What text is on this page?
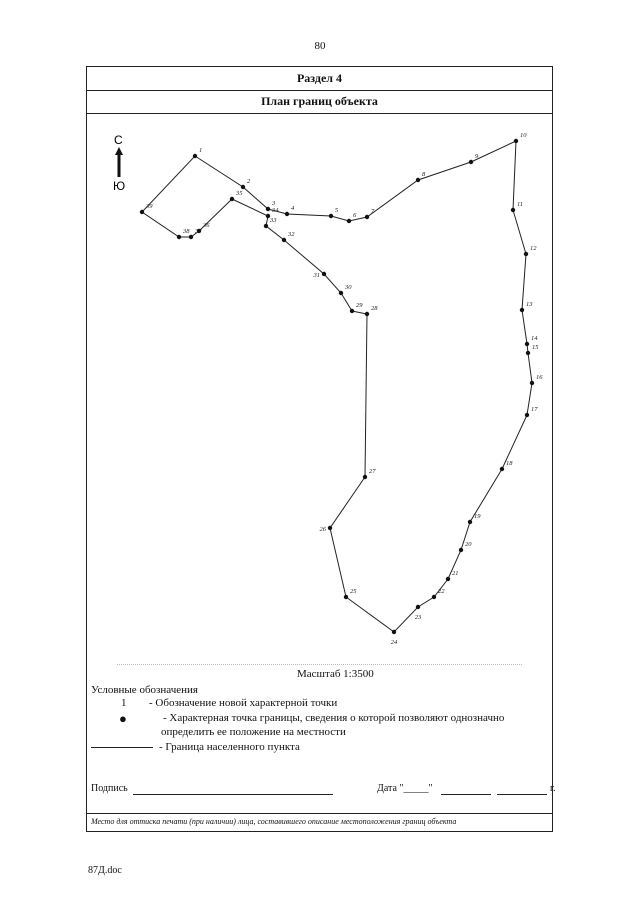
80
Раздел 4
План границ объекта
Масштаб 1:3500
Условные обозначения
1 - Обозначение новой характерной точки
●	- Характерная точка границы, сведения о которой позволяют однозначно
определить ее положение на местности
- Граница населенного пункта
Подпись	Дата "_____"	г.
Место для оттиска печати (при наличии) лица, составившего описание местоположения границ объекта
С
Ю
1
2
3
4	5
6
7
8
9
10
11
12
13
14
15
16
17
18
19
20
21
22
23
24
25
26
27
28
29
30
31
32
33
34
35
36
37
38
39
87Д.doc
